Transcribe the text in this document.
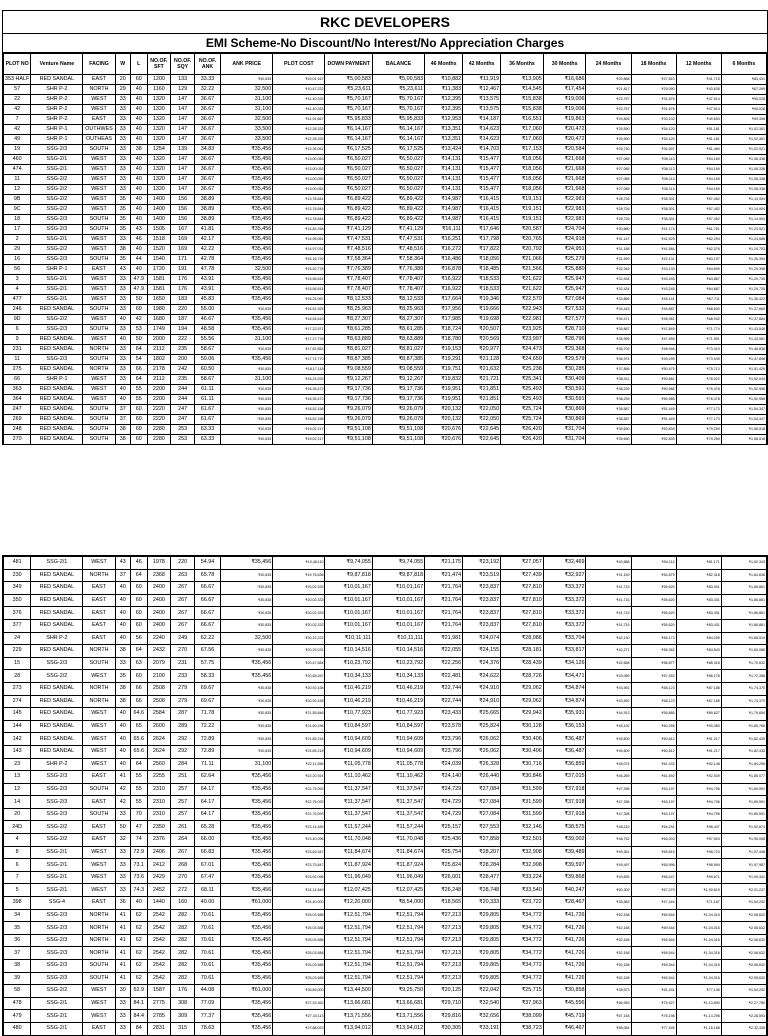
RKC DEVELOPERS
EMI Scheme-No Discount/No Interest/No Appreciation Charges
PLOT NO	Venture Name	FACING	W	L	NO.OF. SFT	NO.OF. SQY	NO.OF. ANK	ANK PRICE	PLOT COST	DOWN PAYMENT	BALANCE	46 Months	42 Months	36 Months	30 Months	24 Months	18 Months	12 Months	6 Months
353 HALF	RED SANDAL	EAST	20	60	1200	133	33.33	₹30,835	₹10,01,167	₹5,00,583	₹5,00,583	₹10,882	₹11,919	₹13,905	₹16,686	₹20,858	₹27,810	₹41,715	₹83,431
57	SHR P-2	NORTH	29	40	1160	129	32.22	32,500	₹10,47,222	₹5,23,611	₹5,23,611	₹11,383	₹12,467	₹14,545	₹17,454	₹21,817	₹29,090	₹43,635	₹87,269
22	SHR P-2	WEST	33	40	1320	147	36.67	31,100	₹11,40,333	₹5,70,167	₹5,70,167	₹12,395	₹13,575	₹15,838	₹19,006	₹23,757	₹31,676	₹47,514	₹95,028
42	SHR P-2	WEST	33	40	1320	147	36.67	31,100	₹11,40,333	₹5,70,167	₹5,70,167	₹12,395	₹13,575	₹15,838	₹19,006	₹23,757	₹31,676	₹47,514	₹95,028
7	SHR P-2	EAST	33	40	1320	147	36.67	32,500	₹11,91,667	₹5,95,833	₹5,95,833	₹12,953	₹14,187	₹16,551	₹19,861	₹24,826	₹33,102	₹49,653	₹99,306
42	SHR P-1	OUTHWES	33	40	1320	147	36.67	33,500	₹12,28,333	₹6,14,167	₹6,14,167	₹13,351	₹14,623	₹17,060	₹20,472	₹25,590	₹34,120	₹51,181	₹1,02,361
49	SHR P-1	OUTHEAS	33	40	1320	147	36.67	33,500	₹12,28,333	₹6,14,167	₹6,14,167	₹13,351	₹14,623	₹17,060	₹20,472	₹25,590	₹34,120	₹51,181	₹1,02,361
19	SSG-2/3	SOUTH	33	38	1254	139	34.83	₹35,456	₹12,35,051	₹6,17,525	₹6,17,525	₹13,424	₹14,703	₹17,153	₹20,584	₹25,730	₹34,307	₹51,460	₹1,02,921
460	SSG-2/1	WEST	33	40	1320	147	36.67	₹35,456	₹13,00,053	₹6,50,027	₹6,50,027	₹14,131	₹15,477	₹18,056	₹21,668	₹27,085	₹36,113	₹54,169	₹1,08,338
474	SSG-2/1	WEST	33	40	1320	147	36.67	₹35,456	₹13,00,053	₹6,50,027	₹6,50,027	₹14,131	₹15,477	₹18,056	₹21,668	₹27,085	₹36,113	₹54,169	₹1,08,338
11	SSG-2/2	WEST	33	40	1320	147	36.67	₹35,456	₹13,00,053	₹6,50,027	₹6,50,027	₹14,131	₹15,477	₹18,056	₹21,668	₹27,085	₹36,113	₹54,169	₹1,08,338
12	SSG-2/2	WEST	33	40	1320	147	36.67	₹35,456	₹13,00,053	₹6,50,027	₹6,50,027	₹14,131	₹15,477	₹18,056	₹21,668	₹27,085	₹36,113	₹54,169	₹1,08,338
9B	SSG-2/2	WEST	35	40	1400	156	38.89	₹35,456	₹13,78,844	₹6,89,422	₹6,89,422	₹14,987	₹16,415	₹19,151	₹22,981	₹28,726	₹38,301	₹57,452	₹1,14,904
9C	SSG-2/2	WEST	35	40	1400	156	38.89	₹35,456	₹13,78,844	₹6,89,422	₹6,89,422	₹14,987	₹16,415	₹19,151	₹22,981	₹28,726	₹38,301	₹57,452	₹1,14,904
18	SSG-2/3	SOUTH	35	40	1400	156	38.89	₹35,456	₹13,78,844	₹6,89,422	₹6,89,422	₹14,987	₹16,415	₹19,151	₹22,981	₹28,726	₹38,301	₹57,452	₹1,14,904
17	SSG-2/3	SOUTH	35	43	1505	167	41.81	₹35,456	₹14,82,258	₹7,41,129	₹7,41,129	₹16,111	₹17,646	₹20,587	₹24,704	₹30,880	₹41,174	₹61,761	₹1,23,521
2	SSG-2/1	WEST	33	46	1518	169	42.17	₹35,456	₹14,95,061	₹7,47,531	₹7,47,531	₹16,251	₹17,798	₹20,765	₹24,918	₹31,147	₹41,529	₹62,294	₹1,24,588
29	SSG-2/2	WEST	38	40	1520	169	42.22	₹35,456	₹14,97,031	₹7,48,516	₹7,48,516	₹16,272	₹17,822	₹20,792	₹24,951	₹31,188	₹41,584	₹62,376	₹1,24,753
16	SSG-2/3	SOUTH	35	44	1540	171	42.78	₹35,456	₹15,16,729	₹7,58,364	₹7,58,364	₹16,486	₹18,056	₹21,066	₹25,279	₹31,599	₹42,131	₹63,197	₹1,26,394
56	SHR P-1	EAST	43	40	1720	191	47.78	32,500	₹15,52,778	₹7,76,389	₹7,76,389	₹16,878	₹18,485	₹21,566	₹25,880	₹32,349	₹43,133	₹64,699	₹1,29,398
3	SSG-2/1	WEST	33	47.9	1581	176	43.91	₹35,456	₹15,56,814	₹7,78,407	₹7,78,407	₹16,922	₹18,533	₹21,622	₹25,947	₹32,434	₹43,245	₹64,867	₹1,29,735
4	SSG-2/1	WEST	33	47.9	1581	176	43.91	₹35,456	₹15,56,814	₹7,78,407	₹7,78,407	₹16,922	₹18,533	₹21,622	₹25,947	₹32,434	₹43,245	₹64,867	₹1,29,735
477	SSG-2/1	WEST	33	50	1650	183	45.83	₹35,456	₹16,25,067	₹8,12,533	₹8,12,533	₹17,664	₹19,346	₹22,570	₹27,084	₹33,856	₹45,141	₹67,711	₹1,35,422
246	RED SANDAL	SOUTH	33	60	1980	220	55.00	₹30,835	₹16,51,925	₹8,25,963	₹8,25,963	₹17,956	₹19,666	₹22,943	₹27,532	₹34,415	₹45,887	₹68,830	₹1,37,660
9D	SSG-2/2	WEST	40	42	1680	187	46.67	₹35,456	₹16,54,613	₹8,27,307	₹8,27,307	₹17,985	₹19,698	₹22,981	₹27,577	₹34,471	₹45,961	₹68,942	₹1,37,884
6	SSG-2/3	SOUTH	33	53	1749	194	48.58	₹35,456	₹17,22,571	₹8,61,285	₹8,61,285	₹18,724	₹20,507	₹23,925	₹28,710	₹35,887	₹47,849	₹71,774	₹1,43,548
9	RED SANDAL	WEST	40	50	2000	222	55.56	31,100	₹17,27,778	₹8,63,889	₹8,63,889	₹18,780	₹20,569	₹23,997	₹28,796	₹35,995	₹47,994	₹71,991	₹1,43,981
231	RED SANDAL	NORTH	33	64	2112	235	58.67	₹30,835	₹17,62,853	₹8,81,027	₹8,81,027	₹19,153	₹20,977	₹24,473	₹29,368	₹36,709	₹48,946	₹73,419	₹1,46,838
11	SSG-2/3	SOUTH	33	54	1802	200	50.06	₹35,456	₹17,74,770	₹8,87,385	₹8,87,385	₹19,291	₹21,128	₹24,650	₹29,579	₹36,974	₹49,299	₹73,949	₹1,47,898
275	RED SANDAL	NORTH	33	66	2178	242	60.50	₹30,835	₹18,17,118	₹9,08,559	₹9,08,559	₹19,751	₹21,632	₹25,238	₹30,285	₹37,856	₹50,475	₹75,713	₹1,51,426
66	SHR P-1	WEST	33	64	2112	235	58.67	31,100	₹18,24,533	₹9,12,267	₹9,12,267	₹19,832	₹21,721	₹25,341	₹30,409	₹38,011	₹50,681	₹76,022	₹1,52,044
363	RED SANDAL	WEST	40	55	2200	244	61.11	₹30,835	₹18,35,472	₹9,17,736	₹9,17,736	₹19,951	₹21,851	₹25,493	₹30,591	₹38,239	₹50,985	₹76,478	₹1,52,956
364	RED SANDAL	WEST	40	55	2200	244	61.11	₹30,835	₹18,35,472	₹9,17,736	₹9,17,736	₹19,951	₹21,851	₹25,493	₹30,591	₹38,239	₹50,985	₹76,478	₹1,52,956
247	RED SANDAL	SOUTH	37	60	2220	247	61.67	₹30,835	₹18,52,158	₹9,26,079	₹9,26,079	₹20,132	₹22,050	₹25,724	₹30,869	₹38,587	₹51,449	₹77,173	₹1,54,347
269	RED SANDAL	SOUTH	37	60	2220	247	61.67	₹30,835	₹18,52,158	₹9,26,079	₹9,26,079	₹20,132	₹22,050	₹25,724	₹30,869	₹38,587	₹51,449	₹77,173	₹1,54,347
248	RED SANDAL	SOUTH	38	60	2280	253	63.33	₹30,835	₹19,02,217	₹9,51,108	₹9,51,108	₹20,676	₹22,645	₹26,420	₹31,704	₹39,630	₹52,839	₹79,259	₹1,58,518
270	RED SANDAL	SOUTH	38	60	2280	253	63.33	₹30,835	₹19,02,217	₹9,51,108	₹9,51,108	₹20,676	₹22,645	₹26,420	₹31,704	₹39,630	₹52,839	₹79,259	₹1,58,518
481	SSG-2/1	WEST	43	46	1978	220	54.94	₹35,456	₹19,48,110	₹9,74,055	₹9,74,055	₹21,175	₹23,192	₹27,057	₹32,469	₹40,586	₹54,114	₹81,171	₹1,62,343
230	RED SANDAL	NORTH	37	64	2368	263	65.78	₹30,835	₹19,75,636	₹9,87,818	₹9,87,818	₹21,474	₹23,519	₹27,439	₹32,927	₹41,159	₹54,879	₹82,318	₹1,64,636
349	RED SANDAL	EAST	40	60	2400	267	66.67	₹30,835	₹20,02,333	₹10,01,167	₹10,01,167	₹21,764	₹23,837	₹27,810	₹33,372	₹41,715	₹55,620	₹83,431	₹1,66,861
350	RED SANDAL	EAST	40	60	2400	267	66.67	₹30,835	₹20,02,333	₹10,01,167	₹10,01,167	₹21,764	₹23,837	₹27,810	₹33,372	₹41,715	₹55,620	₹83,431	₹1,66,861
376	RED SANDAL	EAST	40	60	2400	267	66.67	₹30,835	₹20,02,333	₹10,01,167	₹10,01,167	₹21,764	₹23,837	₹27,810	₹33,372	₹41,715	₹55,620	₹83,431	₹1,66,861
377	RED SANDAL	EAST	40	60	2400	267	66.67	₹30,835	₹20,02,333	₹10,01,167	₹10,01,167	₹21,764	₹23,837	₹27,810	₹33,372	₹41,715	₹55,620	₹83,431	₹1,66,861
24	SHR P-2	EAST	40	56	2240	249	62.22	32,500	₹20,22,222	₹10,11,111	₹10,11,111	₹21,981	₹24,074	₹28,086	₹33,704	₹42,130	₹56,173	₹84,259	₹1,68,519
229	RED SANDAL	NORTH	38	64	2432	270	67.56	₹30,835	₹20,29,031	₹10,14,516	₹10,14,516	₹22,055	₹24,155	₹28,181	₹33,817	₹42,271	₹56,362	₹84,543	₹1,69,086
15	SSG-2/3	SOUTH	33	63	2079	231	57.75	₹35,456	₹20,47,584	₹10,23,792	₹10,23,792	₹22,256	₹24,376	₹28,439	₹34,126	₹42,658	₹56,877	₹85,316	₹1,70,632
28	SSG-2/2	WEST	35	60	2100	233	58.33	₹35,456	₹20,68,267	₹10,34,133	₹10,34,133	₹22,481	₹24,622	₹28,726	₹34,471	₹43,089	₹57,452	₹86,178	₹1,72,356
273	RED SANDAL	NORTH	38	66	2508	279	69.67	₹30,835	₹20,92,438	₹10,46,219	₹10,46,219	₹22,744	₹24,910	₹29,062	₹34,874	₹43,592	₹58,123	₹87,185	₹1,74,370
274	RED SANDAL	NORTH	38	66	2508	279	69.67	₹30,835	₹20,92,438	₹10,46,219	₹10,46,219	₹22,744	₹24,910	₹29,062	₹34,874	₹43,592	₹58,123	₹87,185	₹1,74,370
145	RED SANDAL	WEST	40	64.6	2584	287	71.78	₹30,835	₹21,55,846	₹10,77,923	₹10,77,923	₹23,433	₹25,665	₹29,942	₹35,931	₹44,913	₹59,885	₹89,827	₹1,79,654
144	RED SANDAL	WEST	40	65	2600	289	72.22	₹30,835	₹21,69,196	₹10,84,597	₹10,84,597	₹23,578	₹25,824	₹30,128	₹36,153	₹45,192	₹60,255	₹90,383	₹1,80,766
142	RED SANDAL	WEST	40	65.6	2624	292	72.89	₹30,835	₹21,89,218	₹10,94,609	₹10,94,609	₹23,796	₹26,062	₹30,406	₹36,487	₹45,609	₹60,812	₹91,217	₹1,82,435
143	RED SANDAL	WEST	40	65.6	2624	292	72.89	₹30,835	₹21,89,218	₹10,94,609	₹10,94,609	₹23,796	₹26,062	₹30,406	₹36,487	₹45,609	₹60,812	₹91,217	₹1,82,435
23	SHR P-2	WEST	40	64	2560	284	71.11	31,100	₹22,11,556	₹11,05,778	₹11,05,778	₹24,039	₹26,328	₹30,716	₹36,859	₹46,074	₹61,432	₹92,148	₹1,84,296
13	SSG-2/3	EAST	41	55	2255	251	62.64	₹35,456	₹22,20,924	₹11,10,462	₹11,10,462	₹24,140	₹26,440	₹30,846	₹37,015	₹46,269	₹61,692	₹92,539	₹1,85,077
12	SSG-2/3	SOUTH	42	55	2310	257	64.17	₹35,456	₹22,75,093	₹11,37,547	₹11,37,547	₹24,729	₹27,084	₹31,599	₹37,918	₹47,398	₹63,197	₹94,796	₹1,89,591
14	SSG-2/3	EAST	42	55	2310	257	64.17	₹35,456	₹22,75,093	₹11,37,547	₹11,37,547	₹24,729	₹27,084	₹31,599	₹37,918	₹47,398	₹63,197	₹94,796	₹1,89,591
20	SSG-2/3	SOUTH	33	70	2310	257	64.17	₹35,456	₹22,75,093	₹11,37,547	₹11,37,547	₹24,729	₹27,084	₹31,599	₹37,918	₹47,398	₹63,197	₹94,796	₹1,89,591
24D	SSG-2/2	EAST	50	47	2350	261	65.28	₹35,456	₹23,14,489	₹11,57,244	₹11,57,244	₹25,157	₹27,553	₹32,146	₹38,575	₹48,219	₹64,291	₹96,437	₹1,92,874
4	SSG-2/2	EAST	32	74	2376	264	66.00	₹35,456	₹23,40,096	₹11,70,048	₹11,70,048	₹25,436	₹27,858	₹32,501	₹39,002	₹48,752	₹65,003	₹97,504	₹1,95,008
8	SSG-2/1	WEST	33	72.9	2406	267	66.83	₹35,456	₹23,69,347	₹11,84,674	₹11,84,674	₹25,754	₹28,207	₹32,908	₹39,489	₹49,361	₹65,815	₹98,723	₹1,97,446
6	SSG-2/1	WEST	33	73.1	2412	268	67.01	₹35,456	₹23,75,847	₹11,87,924	₹11,87,924	₹25,824	₹28,284	₹32,998	₹39,597	₹49,497	₹65,996	₹98,994	₹1,97,987
7	SSG-2/1	WEST	33	73.6	2429	270	67.47	₹35,456	₹23,92,096	₹11,96,049	₹11,96,049	₹26,001	₹28,477	₹33,224	₹39,868	₹49,835	₹66,447	₹99,671	₹1,99,341
5	SSG-2/1	WEST	33	74.3	2452	272	68.11	₹35,456	₹24,14,849	₹12,07,425	₹12,07,425	₹26,248	₹28,748	₹33,540	₹40,247	₹50,309	₹67,079	₹1,00,619	₹2,01,237
398	SSG-4	EAST	36	40	1440	160	40.00	₹61,000	₹24,40,000	₹12,20,000	₹8,54,000	₹18,565	₹20,333	₹23,722	₹28,467	₹35,583	₹47,444	₹71,167	₹1,54,292
34	SSG-2/3	NORTH	41	62	2542	282	70.61	₹35,456	₹25,03,588	₹12,51,794	₹12,51,794	₹27,213	₹29,805	₹34,772	₹41,726	₹52,158	₹69,544	₹1,04,316	₹2,08,632
35	SSG-2/3	NORTH	41	62	2542	282	70.61	₹35,456	₹25,03,588	₹12,51,794	₹12,51,794	₹27,213	₹29,805	₹34,772	₹41,726	₹52,158	₹69,544	₹1,04,316	₹2,08,632
36	SSG-2/3	NORTH	41	62	2542	282	70.61	₹35,456	₹25,03,588	₹12,51,794	₹12,51,794	₹27,213	₹29,805	₹34,772	₹41,726	₹52,158	₹69,544	₹1,04,316	₹2,08,632
37	SSG-2/3	NORTH	41	62	2542	282	70.61	₹35,456	₹25,03,588	₹12,51,794	₹12,51,794	₹27,213	₹29,805	₹34,772	₹41,726	₹52,158	₹69,544	₹1,04,316	₹2,08,632
38	SSG-2/3	SOUTH	41	62	2542	282	70.61	₹35,456	₹25,03,588	₹12,51,794	₹12,51,794	₹27,213	₹29,805	₹34,772	₹41,726	₹52,158	₹69,544	₹1,04,316	₹2,08,632
39	SSG-2/3	SOUTH	41	62	2542	282	70.61	₹35,456	₹25,03,588	₹12,51,794	₹12,51,794	₹27,213	₹29,805	₹34,772	₹41,726	₹52,158	₹69,544	₹1,04,316	₹2,08,632
58	SSG-2/2	WEST	30	52.9	1587	176	44.08	₹61,000	₹26,89,000	₹13,44,500	₹9,25,750	₹20,125	₹22,042	₹25,715	₹30,858	₹38,573	₹51,431	₹77,146	₹1,54,292
478	SSG-2/1	WEST	33	84.1	2775	308	77.09	₹35,456	₹27,33,362	₹13,66,681	₹13,66,681	₹29,710	₹32,540	₹37,963	₹45,556	₹56,945	₹75,927	₹1,13,890	₹2,27,780
479	SSG-2/1	WEST	33	84.4	2785	309	77.37	₹35,456	₹27,43,113	₹13,71,556	₹13,71,556	₹29,816	₹32,656	₹38,099	₹45,719	₹57,148	₹76,198	₹1,14,296	₹2,28,593
480	SSG-2/1	EAST	33	84	2831	315	78.63	₹35,456	₹27,88,023	₹13,94,012	₹13,94,012	₹30,305	₹33,191	₹38,723	₹46,467	₹58,084	₹77,445	₹1,16,168	₹2,32,335
